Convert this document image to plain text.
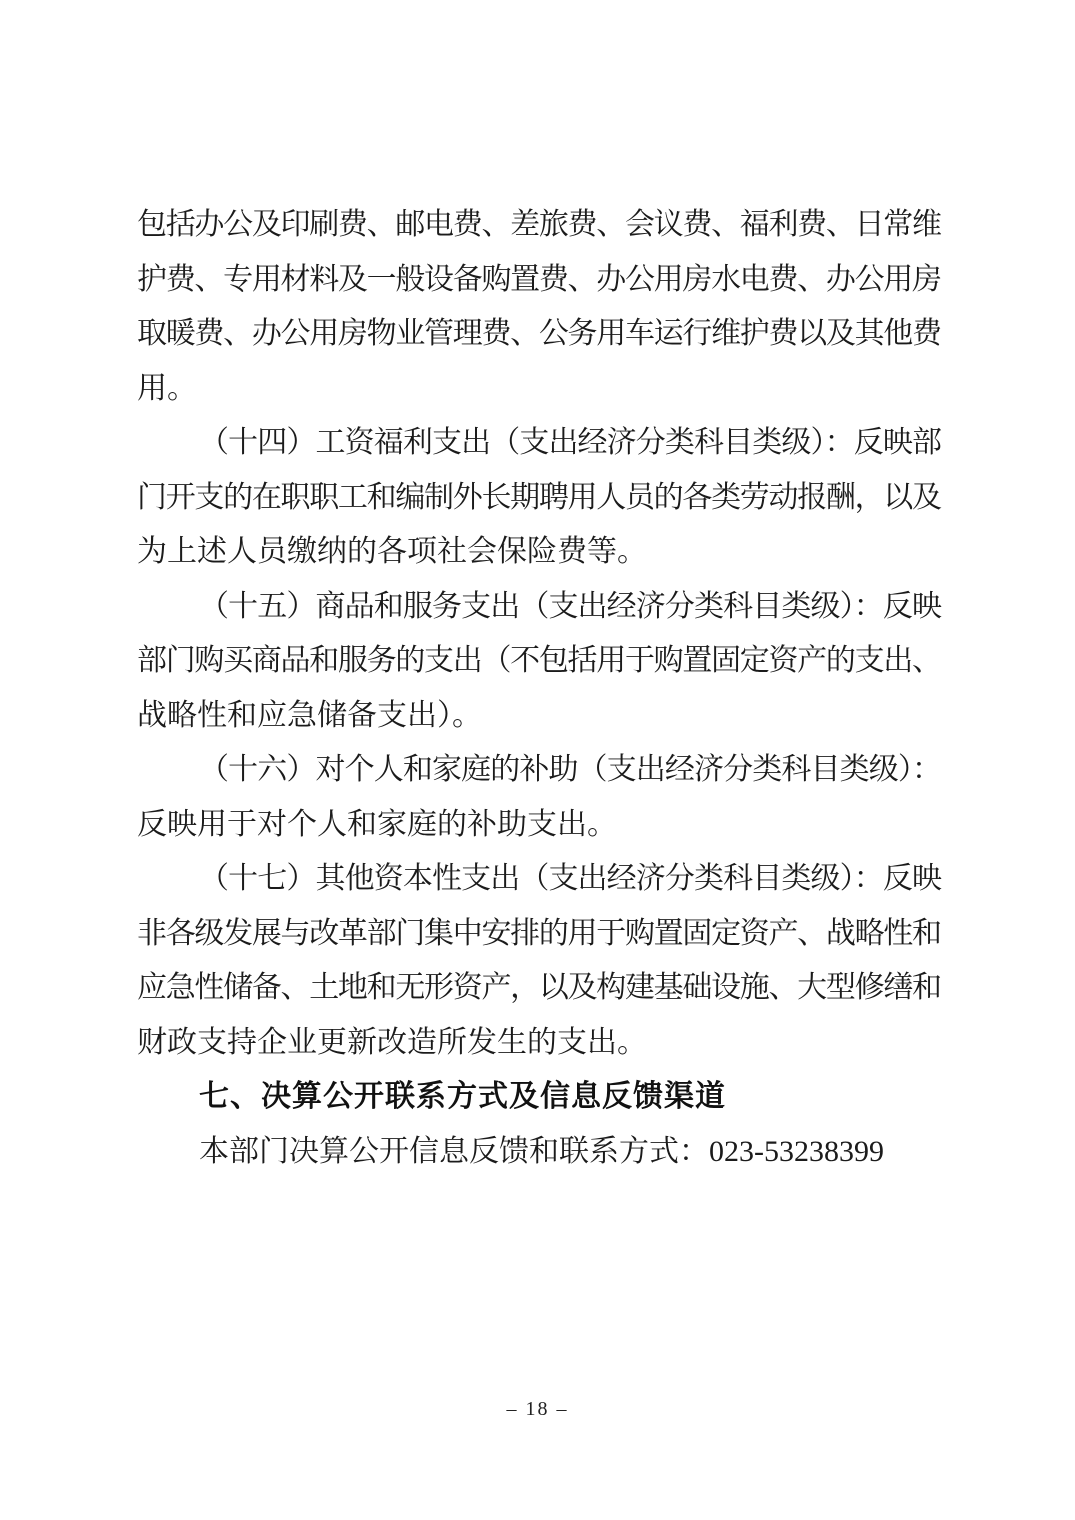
包括办公及印刷费、邮电费、差旅费、会议费、福利费、日常维
护费、专用材料及一般设备购置费、办公用房水电费、办公用房
取暖费、办公用房物业管理费、公务用车运行维护费以及其他费
用。
（十四）工资福利支出（支出经济分类科目类级）：反映部
门开支的在职职工和编制外长期聘用人员的各类劳动报酬，以及
为上述人员缴纳的各项社会保险费等。
（十五）商品和服务支出（支出经济分类科目类级）：反映
部门购买商品和服务的支出（不包括用于购置固定资产的支出、
战略性和应急储备支出）。
（十六）对个人和家庭的补助（支出经济分类科目类级）：
反映用于对个人和家庭的补助支出。
（十七）其他资本性支出（支出经济分类科目类级）：反映
非各级发展与改革部门集中安排的用于购置固定资产、战略性和
应急性储备、土地和无形资产，以及构建基础设施、大型修缮和
财政支持企业更新改造所发生的支出。
七、决算公开联系方式及信息反馈渠道
本部门决算公开信息反馈和联系方式：023-53238399
– 18 –
